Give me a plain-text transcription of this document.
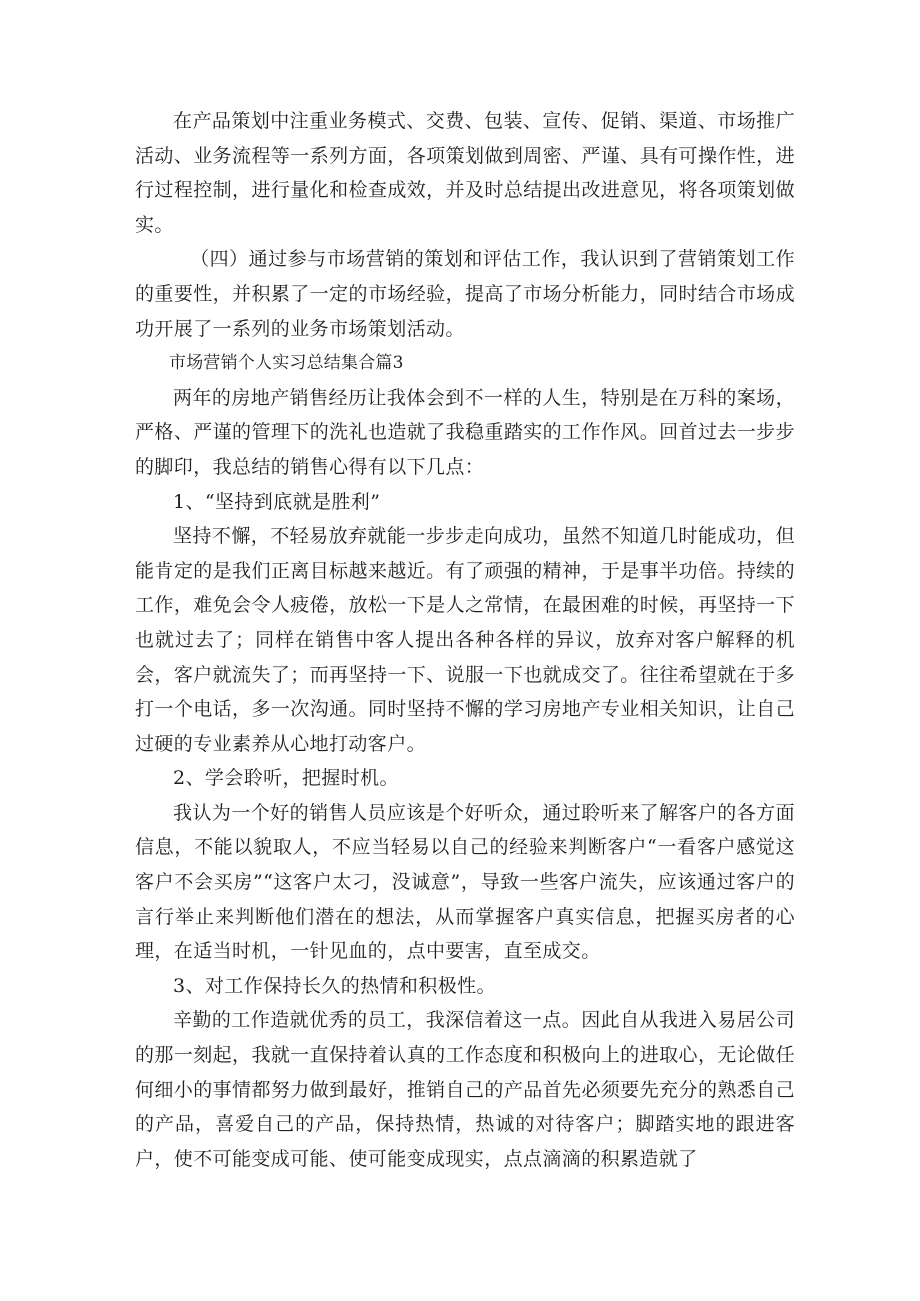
在产品策划中注重业务模式、交费、包装、宣传、促销、渠道、市场推广活动、业务流程等一系列方面，各项策划做到周密、严谨、具有可操作性，进行过程控制，进行量化和检查成效，并及时总结提出改进意见，将各项策划做实。

（四）通过参与市场营销的策划和评估工作，我认识到了营销策划工作的重要性，并积累了一定的市场经验，提高了市场分析能力，同时结合市场成功开展了一系列的业务市场策划活动。

市场营销个人实习总结集合篇3

两年的房地产销售经历让我体会到不一样的人生，特别是在万科的案场，严格、严谨的管理下的洗礼也造就了我稳重踏实的工作作风。回首过去一步步的脚印，我总结的销售心得有以下几点：

1、“坚持到底就是胜利”

坚持不懈，不轻易放弃就能一步步走向成功，虽然不知道几时能成功，但能肯定的是我们正离目标越来越近。有了顽强的精神，于是事半功倍。持续的工作，难免会令人疲倦，放松一下是人之常情，在最困难的时候，再坚持一下也就过去了；同样在销售中客人提出各种各样的异议，放弃对客户解释的机会，客户就流失了；而再坚持一下、说服一下也就成交了。往往希望就在于多打一个电话，多一次沟通。同时坚持不懈的学习房地产专业相关知识，让自己过硬的专业素养从心地打动客户。

2、学会聆听，把握时机。

我认为一个好的销售人员应该是个好听众，通过聆听来了解客户的各方面信息，不能以貌取人，不应当轻易以自己的经验来判断客户“一看客户感觉这客户不会买房”“这客户太刁，没诚意”，导致一些客户流失，应该通过客户的言行举止来判断他们潜在的想法，从而掌握客户真实信息，把握买房者的心理，在适当时机，一针见血的，点中要害，直至成交。

3、对工作保持长久的热情和积极性。

辛勤的工作造就优秀的员工，我深信着这一点。因此自从我进入易居公司的那一刻起，我就一直保持着认真的工作态度和积极向上的进取心，无论做任何细小的事情都努力做到最好，推销自己的产品首先必须要先充分的熟悉自己的产品，喜爱自己的产品，保持热情，热诚的对待客户；脚踏实地的跟进客户，使不可能变成可能、使可能变成现实，点点滴滴的积累造就了
